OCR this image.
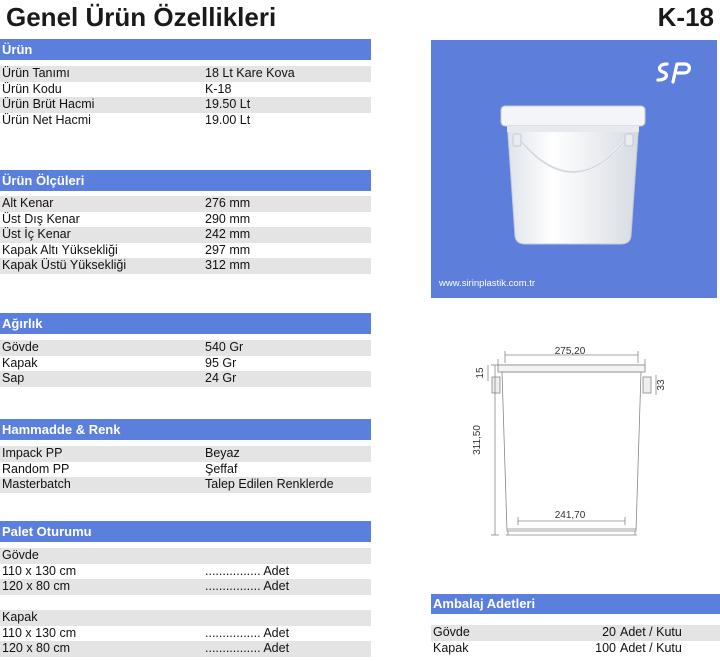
Genel Ürün Özellikleri	K-18
Ürün
Ürün Tanımı	18 Lt Kare Kova
Ürün Kodu	K-18
Ürün Brüt Hacmi	19.50 Lt
Ürün Net Hacmi	19.00 Lt
Ürün Ölçüleri
Alt Kenar	276 mm
Üst Dış Kenar	290 mm
Üst İç Kenar	242 mm
Kapak Altı Yüksekliği	297 mm
Kapak Üstü Yüksekliği	312 mm
Ağırlık
Gövde	540 Gr
Kapak	95 Gr
Sap	24 Gr
Hammadde & Renk
Impack PP	Beyaz
Random PP	Şeffaf
Masterbatch	Talep Edilen Renklerde
Palet Oturumu
Gövde
110 x 130 cm	................ Adet
120 x 80 cm	................ Adet
Kapak
110 x 130 cm	................ Adet
120 x 80 cm	................ Adet
www.sirinplastik.com.tr
275,20
241,70
311,50
15
33
Ambalaj Adetleri
Gövde	20 Adet / Kutu
Kapak	100 Adet / Kutu
